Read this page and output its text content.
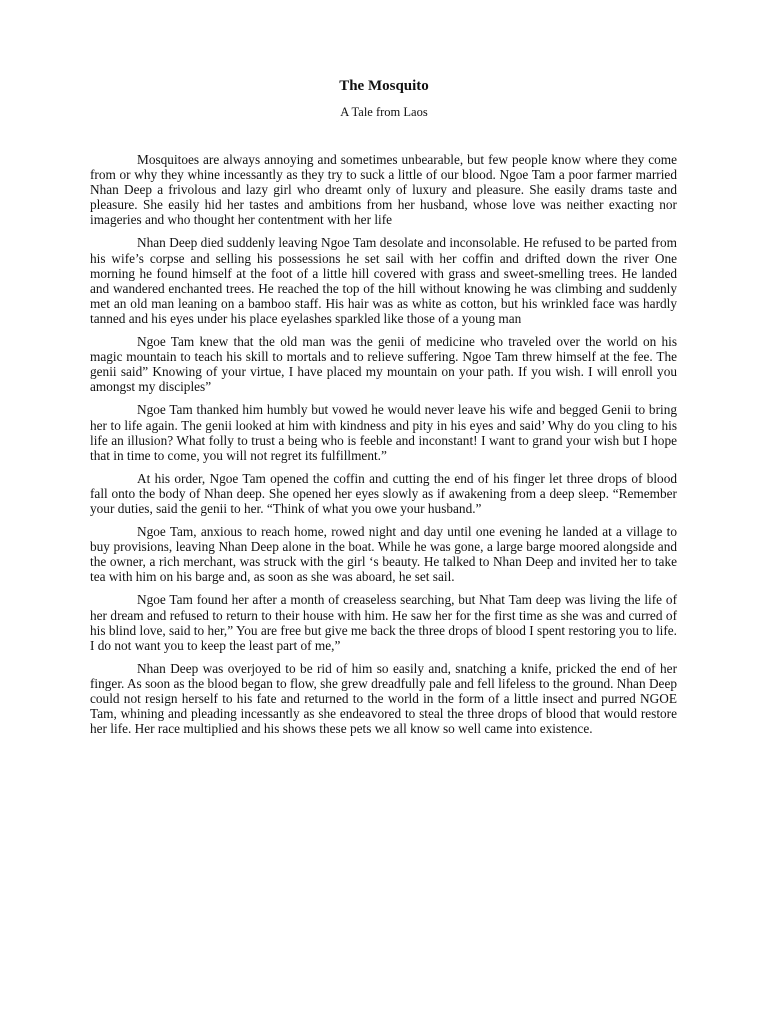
The Mosquito
A Tale from Laos

Mosquitoes are always annoying and sometimes unbearable, but few people know where they come from or why they whine incessantly as they try to suck a little of our blood. Ngoe Tam a poor farmer married Nhan Deep a frivolous and lazy girl who dreamt only of luxury and pleasure. She easily drams taste and pleasure. She easily hid her tastes and ambitions from her husband, whose love was neither exacting nor imageries and who thought her contentment with her life

Nhan Deep died suddenly leaving Ngoe Tam desolate and inconsolable. He refused to be parted from his wife’s corpse and selling his possessions he set sail with her coffin and drifted down the river One morning he found himself at the foot of a little hill covered with grass and sweet-smelling trees. He landed and wandered enchanted trees. He reached the top of the hill without knowing he was climbing and suddenly met an old man leaning on a bamboo staff. His hair was as white as cotton, but his wrinkled face was hardly tanned and his eyes under his place eyelashes sparkled like those of a young man

Ngoe Tam knew that the old man was the genii of medicine who traveled over the world on his magic mountain to teach his skill to mortals and to relieve suffering. Ngoe Tam threw himself at the fee. The genii said” Knowing of your virtue, I have placed my mountain on your path. If you wish. I will enroll you amongst my disciples”

Ngoe Tam thanked him humbly but vowed he would never leave his wife and begged Genii to bring her to life again. The genii looked at him with kindness and pity in his eyes and said’ Why do you cling to his life an illusion? What folly to trust a being who is feeble and inconstant! I want to grand your wish but I hope that in time to come, you will not regret its fulfillment.”

At his order, Ngoe Tam opened the coffin and cutting the end of his finger let three drops of blood fall onto the body of Nhan deep. She opened her eyes slowly as if awakening from a deep sleep. “Remember your duties, said the genii to her. “Think of what you owe your husband.”

Ngoe Tam, anxious to reach home, rowed night and day until one evening he landed at a village to buy provisions, leaving Nhan Deep alone in the boat. While he was gone, a large barge moored alongside and the owner, a rich merchant, was struck with the girl ‘s beauty. He talked to Nhan Deep and invited her to take tea with him on his barge and, as soon as she was aboard, he set sail.

Ngoe Tam found her after a month of creaseless searching, but Nhat Tam deep was living the life of her dream and refused to return to their house with him. He saw her for the first time as she was and curred of his blind love, said to her,” You are free but give me back the three drops of blood I spent restoring you to life. I do not want you to keep the least part of me,”

Nhan Deep was overjoyed to be rid of him so easily and, snatching a knife, pricked the end of her finger. As soon as the blood began to flow, she grew dreadfully pale and fell lifeless to the ground. Nhan Deep could not resign herself to his fate and returned to the world in the form of a little insect and purred NGOE Tam, whining and pleading incessantly as she endeavored to steal the three drops of blood that would restore her life. Her race multiplied and his shows these pets we all know so well came into existence.
